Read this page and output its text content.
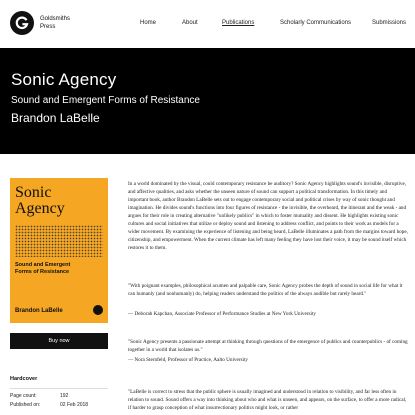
Goldsmiths
Press
Home	About	Publications	Scholarly Communications	Submissions
Sonic Agency
Sound and Emergent Forms of Resistance
Brandon LaBelle
Sonic
Agency
Sound and Emergent
Forms of Resistance
Brandon LaBelle
Buy now
Hardcover
Page count:	192
Published on:	02 Feb 2018
In a world dominated by the visual, could contemporary resistance be auditory? Sonic Agency highlights sound's invisible, disruptive, and affective qualities, and asks whether the unseen nature of sound can support a political transformation. In this timely and important book, author Brandon LaBelle sets out to engage contemporary social and political crises by way of sonic thought and imagination. He divides sound's functions into four figures of resistance - the invisible, the overheard, the itinerant and the weak - and argues for their role in creating alternative "unlikely publics" in which to foster mutuality and dissent. He highlights existing sonic cultures and social initiatives that utilize or deploy sound and listening to address conflict, and points to their work as models for a wider movement. By examining the experience of listening and being heard, LaBelle illuminates a path from the margins toward hope, citizenship, and empowerment. When the current climate has left many feeling they have lost their voice, it may be sound itself which restores it to them.
"With poignant examples, philosophical acumen and palpable care, Sonic Agency probes the depth of sound in social life for what it can humanly (and nonhumanly) do, helping readers understand the politics of the always audible but rarely heard."
— Deborah Kapchan, Associate Professor of Performance Studies at New York University
"Sonic Agency presents a passionate attempt at thinking through questions of the emergence of publics and counterpublics - of coming together in a world that isolates us."
— Nora Sternfeld, Professor of Practice, Aalto University
"LaBelle is correct to stress that the public sphere is usually imagined and understood in relation to visibility, and far less often in relation to sound. Sound offers a way into thinking about who and what is unseen, and appears, on the surface, to offer a more radical, if harder to grasp conception of what insurrectionary politics might look, or rather
